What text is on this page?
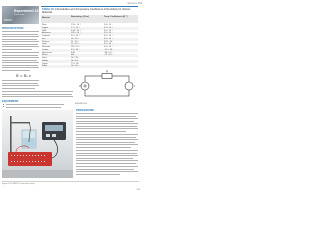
Sensors 169
Experiment 13
Thermistor
PASCO
INTRODUCTION
R = R₀ e
EQUIPMENT
TABLE 16-1 Resistivities and Temperature Coefficients of Resistivity for Various Materials
Material	Resistivity ρ (Ω·m)	Temp. Coefficient α (K⁻¹)
Silver	1.59 × 10⁻⁸	3.8 × 10⁻³
Copper	1.7 × 10⁻⁸	3.9 × 10⁻³
Gold	2.44 × 10⁻⁸	3.4 × 10⁻³
Aluminum	2.82 × 10⁻⁸	3.9 × 10⁻³
Tungsten	5.6 × 10⁻⁸	4.5 × 10⁻³
Iron	10 × 10⁻⁸	5.0 × 10⁻³
Platinum	11 × 10⁻⁸	3.92 × 10⁻³
Lead	22 × 10⁻⁸	3.9 × 10⁻³
Nichrome	150 × 10⁻⁸	0.4 × 10⁻³
Carbon	3.5 × 10⁻⁵	−0.5 × 10⁻³
Germanium	0.46	−48 × 10⁻³
Silicon	640	−75 × 10⁻³
Glass	10¹⁰–10¹⁴
Rubber	10¹³–10¹⁵
Quartz	7.5 × 10¹⁷
Teflon	10²²–10²³
R
V	I
FIGURE 16-2
PROCEDURE
Figure 16-3 PASCO thermistor setup
169
